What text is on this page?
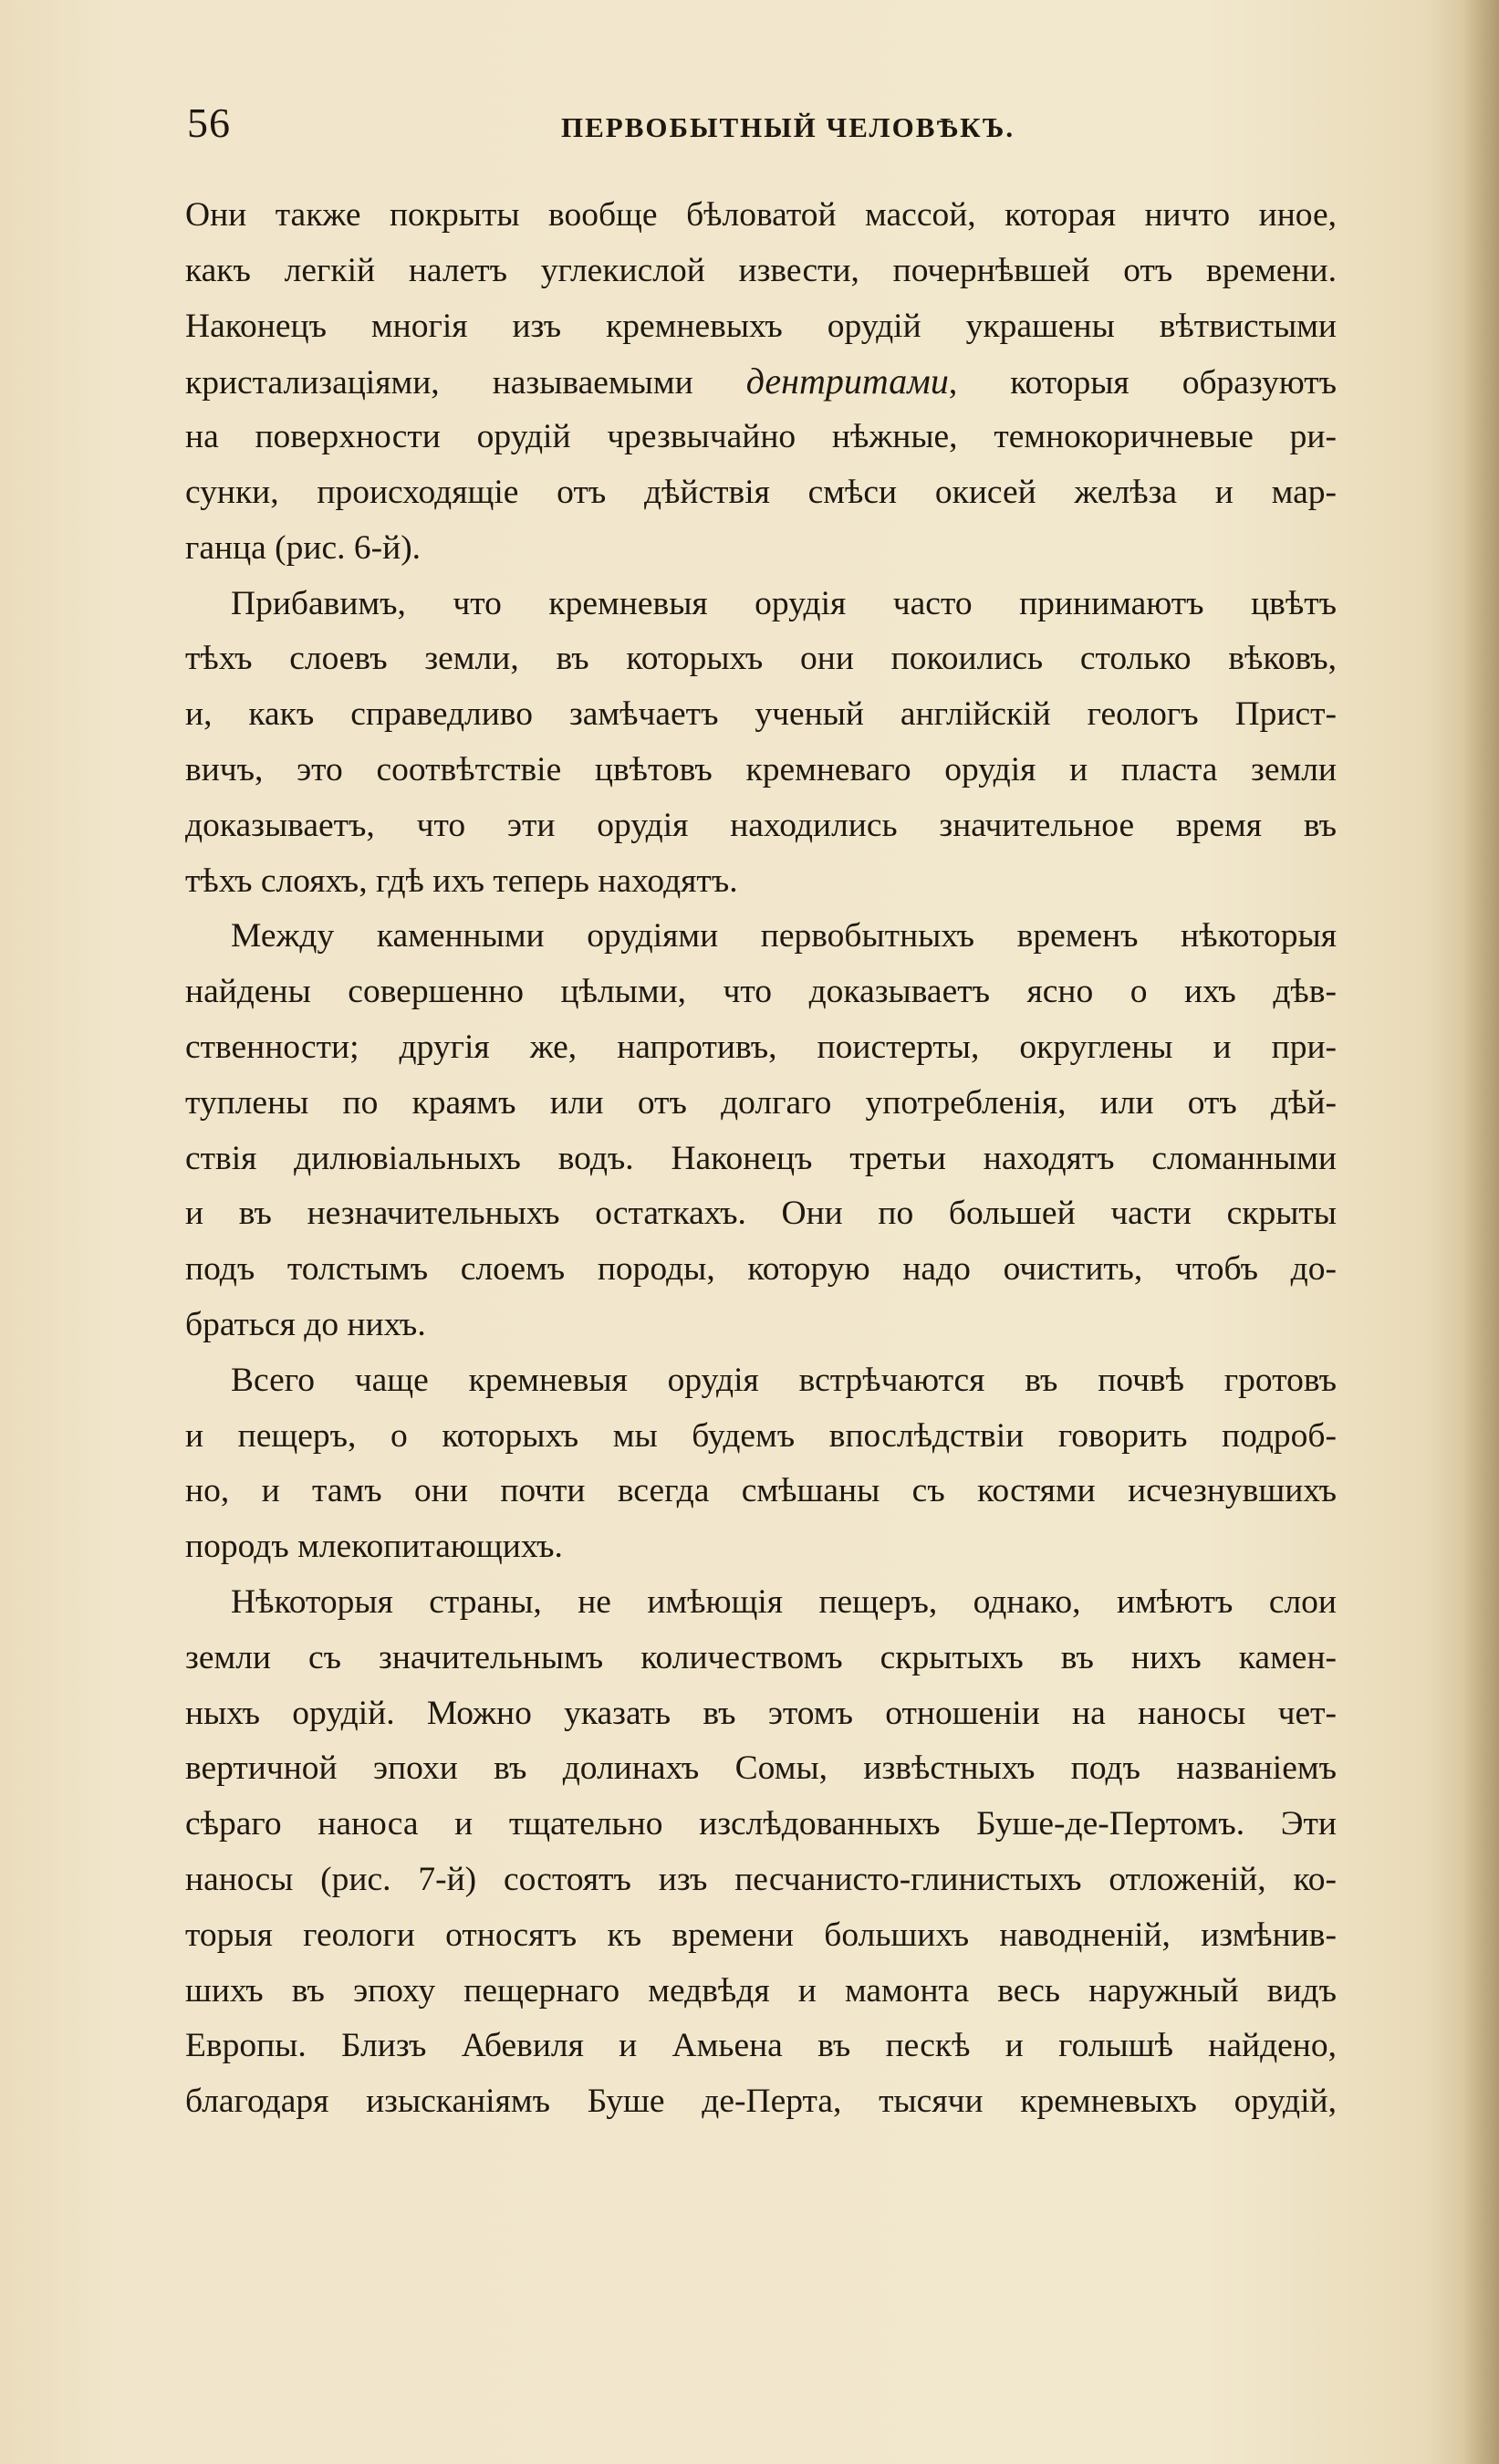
56	ПЕРВОБЫТНЫЙ ЧЕЛОВѢКЪ.

Они также покрыты вообще бѣловатой массой, которая ничто иное,
какъ легкій налетъ углекислой извести, почернѣвшей отъ времени.
Наконецъ многія изъ кремневыхъ орудій украшены вѣтвистыми
кристализаціями, называемыми дентритами, которыя образуютъ
на поверхности орудій чрезвычайно нѣжные, темнокоричневые ри-
сунки, происходящіе отъ дѣйствія смѣси окисей желѣза и мар-
ганца (рис. 6-й).

Прибавимъ, что кремневыя орудія часто принимаютъ цвѣтъ
тѣхъ слоевъ земли, въ которыхъ они покоились столько вѣковъ,
и, какъ справедливо замѣчаетъ ученый англійскій геологъ Прист-
вичъ, это соотвѣтствіе цвѣтовъ кремневаго орудія и пласта земли
доказываетъ, что эти орудія находились значительное время въ
тѣхъ слояхъ, гдѣ ихъ теперь находятъ.

Между каменными орудіями первобытныхъ временъ нѣкоторыя
найдены совершенно цѣлыми, что доказываетъ ясно о ихъ дѣв-
ственности; другія же, напротивъ, поистерты, округлены и при-
туплены по краямъ или отъ долгаго употребленія, или отъ дѣй-
ствія дилювіальныхъ водъ. Наконецъ третьи находятъ сломанными
и въ незначительныхъ остаткахъ. Они по большей части скрыты
подъ толстымъ слоемъ породы, которую надо очистить, чтобъ до-
браться до нихъ.

Всего чаще кремневыя орудія встрѣчаются въ почвѣ гротовъ
и пещеръ, о которыхъ мы будемъ впослѣдствіи говорить подроб-
но, и тамъ они почти всегда смѣшаны съ костями исчезнувшихъ
породъ млекопитающихъ.

Нѣкоторыя страны, не имѣющія пещеръ, однако, имѣютъ слои
земли съ значительнымъ количествомъ скрытыхъ въ нихъ камен-
ныхъ орудій. Можно указать въ этомъ отношеніи на наносы чет-
вертичной эпохи въ долинахъ Сомы, извѣстныхъ подъ названіемъ
сѣраго наноса и тщательно изслѣдованныхъ Буше-де-Пертомъ. Эти
наносы (рис. 7-й) состоятъ изъ песчанисто-глинистыхъ отложеній, ко-
торыя геологи относятъ къ времени большихъ наводненій, измѣнив-
шихъ въ эпоху пещернаго медвѣдя и мамонта весь наружный видъ
Европы. Близъ Абевиля и Амьена въ пескѣ и голышѣ найдено,
благодаря изысканіямъ Буше де-Перта, тысячи кремневыхъ орудій,
